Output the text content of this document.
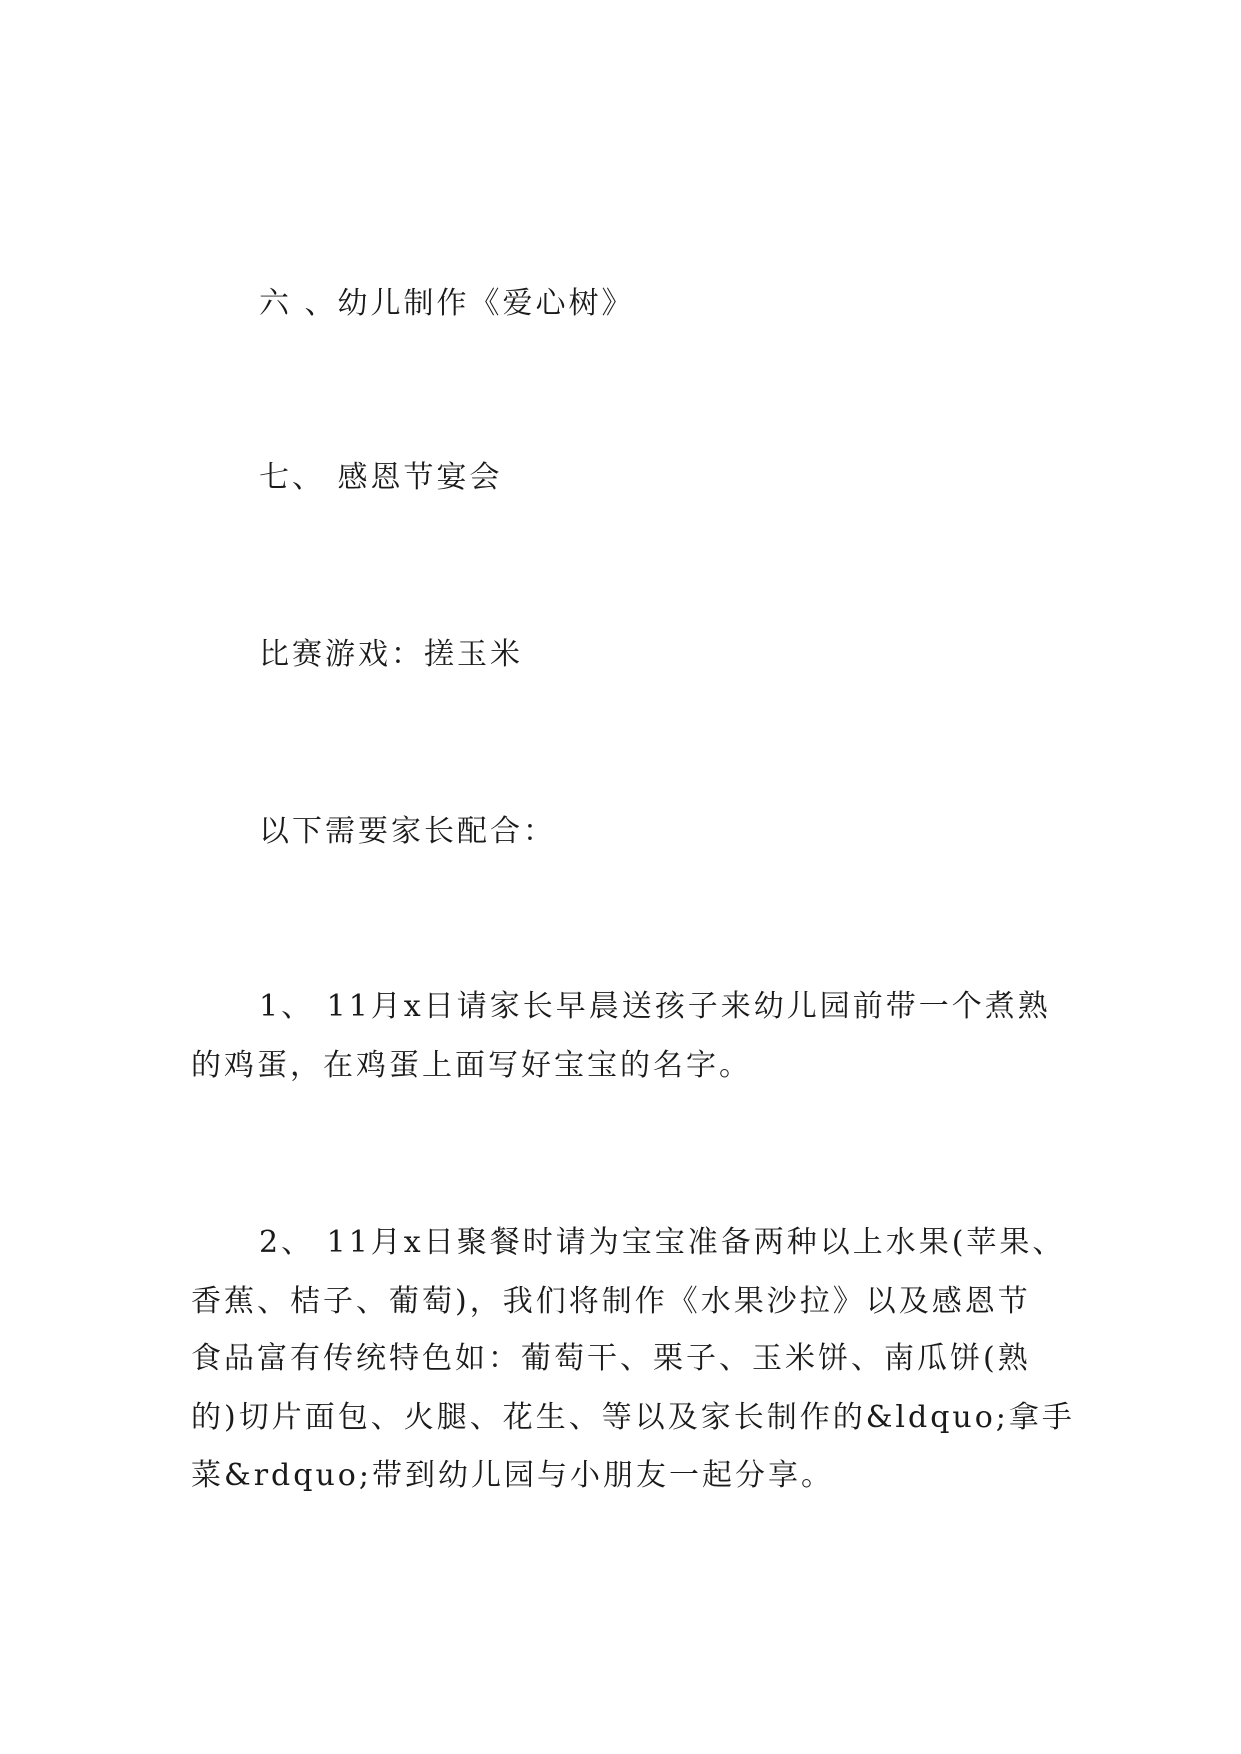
六 、幼儿制作《爱心树》
七、 感恩节宴会
比赛游戏：搓玉米
以下需要家长配合：
1、 11月x日请家长早晨送孩子来幼儿园前带一个煮熟
的鸡蛋，在鸡蛋上面写好宝宝的名字。
2、 11月x日聚餐时请为宝宝准备两种以上水果(苹果、
香蕉、桔子、葡萄)，我们将制作《水果沙拉》以及感恩节
食品富有传统特色如：葡萄干、栗子、玉米饼、南瓜饼(熟
的)切片面包、火腿、花生、等以及家长制作的&ldquo;拿手
菜&rdquo;带到幼儿园与小朋友一起分享。
